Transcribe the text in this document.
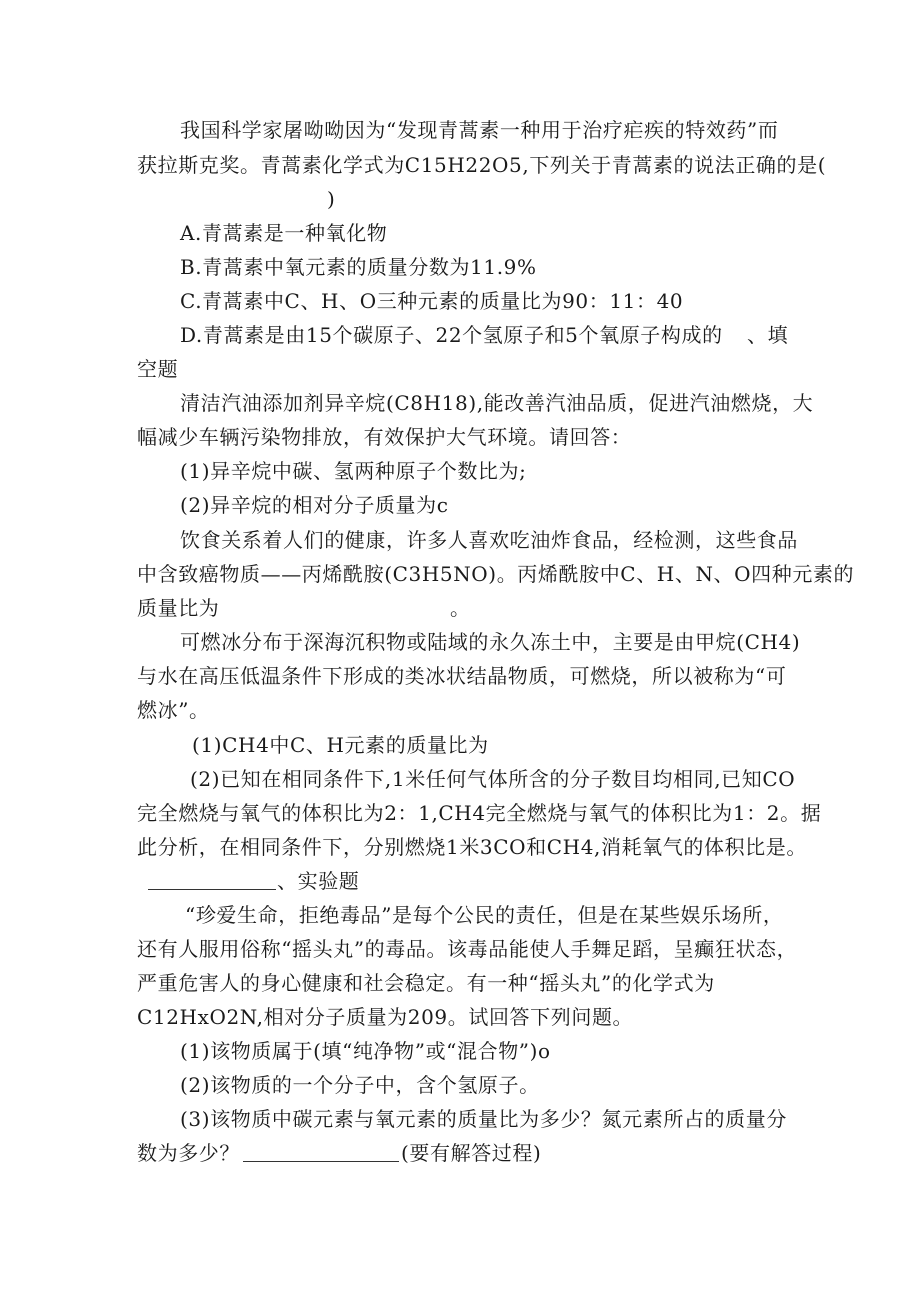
我国科学家屠呦呦因为“发现青蒿素一种用于治疗疟疾的特效药”而
获拉斯克奖。青蒿素化学式为C15H22O5,下列关于青蒿素的说法正确的是(
)
A.青蒿素是一种氧化物
B.青蒿素中氧元素的质量分数为11.9%
C.青蒿素中C、H、O三种元素的质量比为90：11：40
D.青蒿素是由15个碳原子、22个氢原子和5个氧原子构成的 、填
空题
清洁汽油添加剂异辛烷(C8H18),能改善汽油品质，促进汽油燃烧，大
幅减少车辆污染物排放，有效保护大气环境。请回答：
(1)异辛烷中碳、氢两种原子个数比为;
(2)异辛烷的相对分子质量为c
饮食关系着人们的健康，许多人喜欢吃油炸食品，经检测，这些食品
中含致癌物质——丙烯酰胺(C3H5NO)。丙烯酰胺中C、H、N、O四种元素的
质量比为	。
可燃冰分布于深海沉积物或陆域的永久冻土中，主要是由甲烷(CH4)
与水在高压低温条件下形成的类冰状结晶物质，可燃烧，所以被称为“可
燃冰”。
(1)CH4中C、H元素的质量比为
(2)已知在相同条件下,1米任何气体所含的分子数目均相同,已知CO
完全燃烧与氧气的体积比为2：1,CH4完全燃烧与氧气的体积比为1：2。据
此分析，在相同条件下，分别燃烧1米3CO和CH4,消耗氧气的体积比是。
、实验题
“珍爱生命，拒绝毒品”是每个公民的责任，但是在某些娱乐场所，
还有人服用俗称“摇头丸”的毒品。该毒品能使人手舞足蹈，呈癫狂状态，
严重危害人的身心健康和社会稳定。有一种“摇头丸”的化学式为
C12HxO2N,相对分子质量为209。试回答下列问题。
(1)该物质属于(填“纯净物”或“混合物”)o
(2)该物质的一个分子中，含个氢原子。
(3)该物质中碳元素与氧元素的质量比为多少？氮元素所占的质量分
数为多少？	(要有解答过程)
